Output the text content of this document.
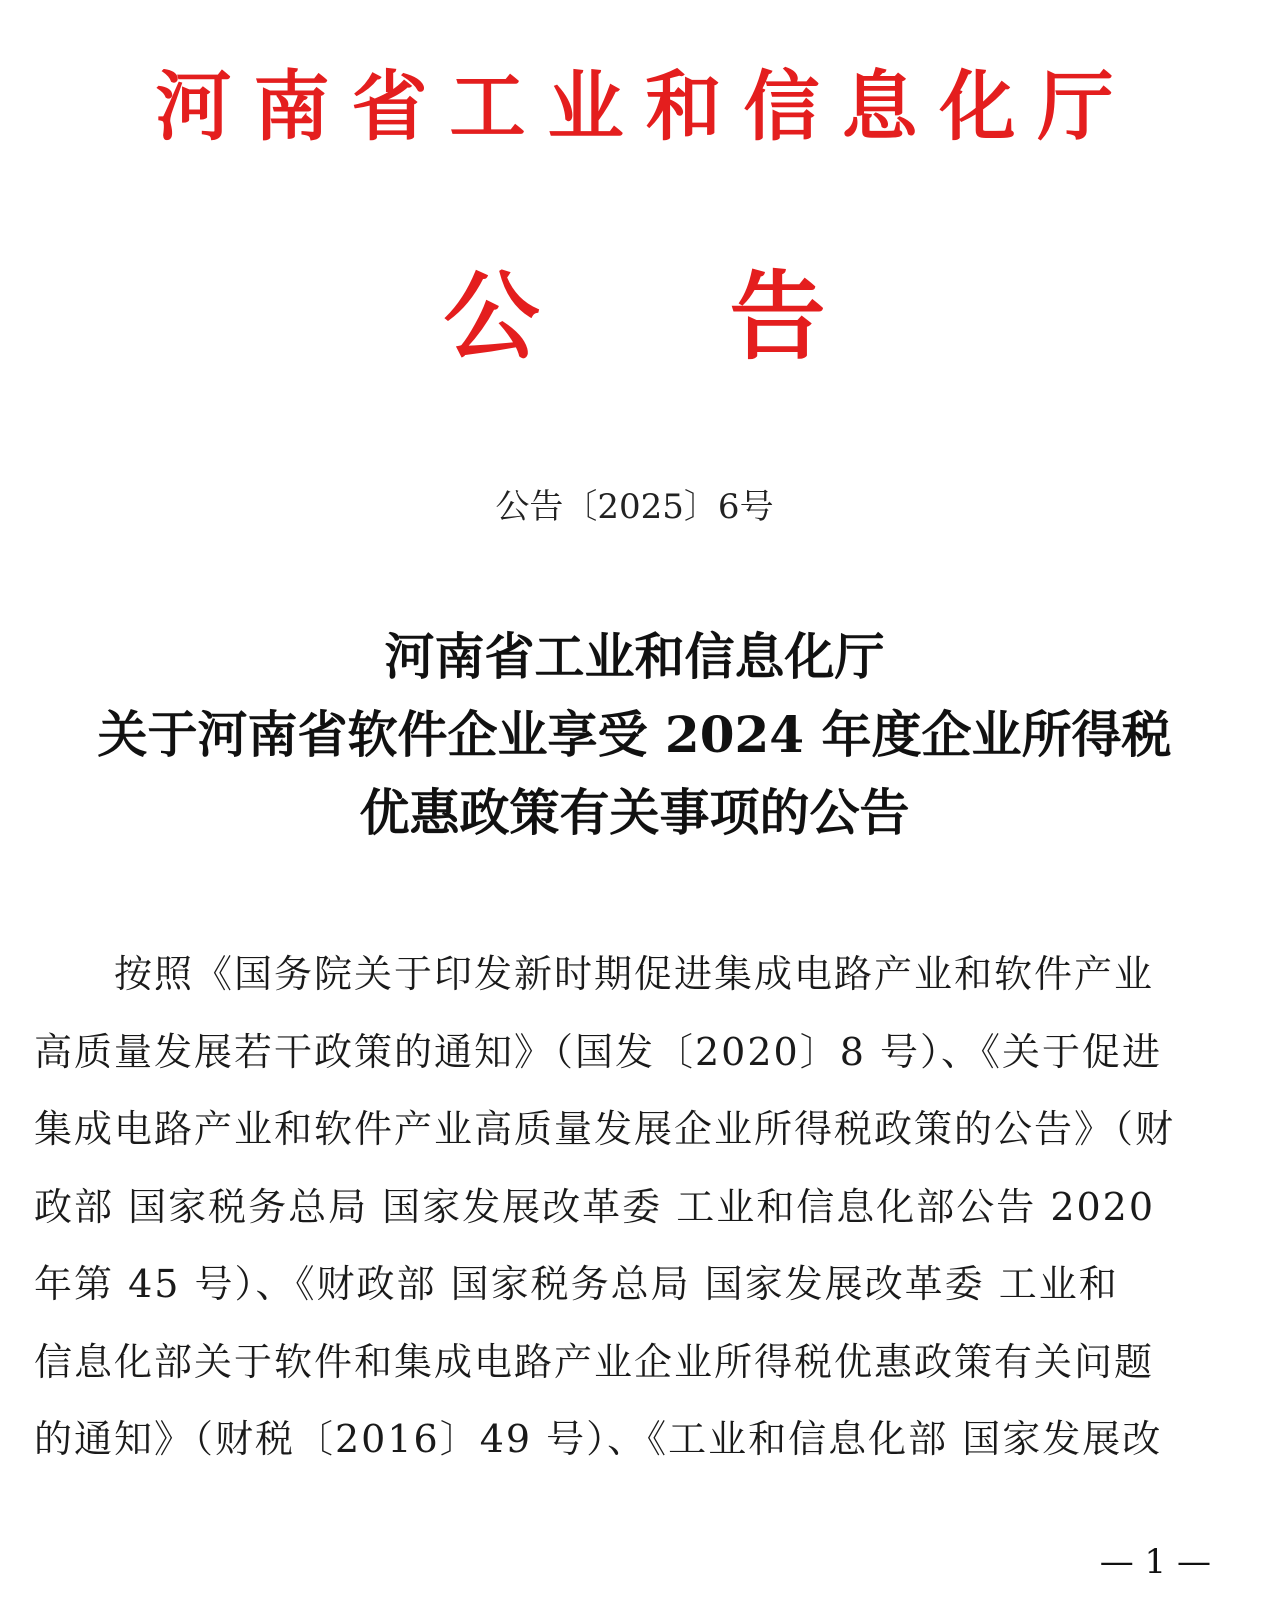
河南省工业和信息化厅
公 告
公告〔2025〕6号
河南省工业和信息化厅
关于河南省软件企业享受 2024 年度企业所得税
优惠政策有关事项的公告
按照《国务院关于印发新时期促进集成电路产业和软件产业
高质量发展若干政策的通知》（国发〔2020〕8 号）、《关于促进
集成电路产业和软件产业高质量发展企业所得税政策的公告》（财
政部 国家税务总局 国家发展改革委 工业和信息化部公告 2020
年第 45 号）、《财政部 国家税务总局 国家发展改革委 工业和
信息化部关于软件和集成电路产业企业所得税优惠政策有关问题
的通知》（财税〔2016〕49 号）、《工业和信息化部 国家发展改
— 1 —
